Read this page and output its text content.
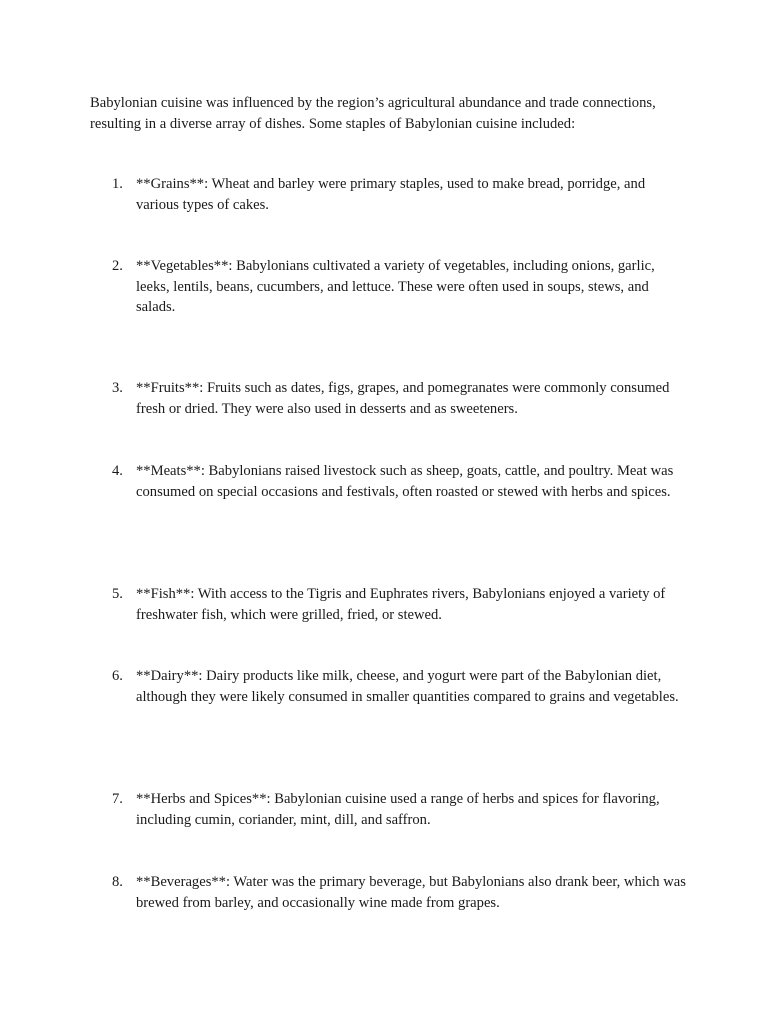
Babylonian cuisine was influenced by the region’s agricultural abundance and trade connections, resulting in a diverse array of dishes. Some staples of Babylonian cuisine included:

1. **Grains**: Wheat and barley were primary staples, used to make bread, porridge, and various types of cakes.
2. **Vegetables**: Babylonians cultivated a variety of vegetables, including onions, garlic, leeks, lentils, beans, cucumbers, and lettuce. These were often used in soups, stews, and salads.
3. **Fruits**: Fruits such as dates, figs, grapes, and pomegranates were commonly consumed fresh or dried. They were also used in desserts and as sweeteners.
4. **Meats**: Babylonians raised livestock such as sheep, goats, cattle, and poultry. Meat was consumed on special occasions and festivals, often roasted or stewed with herbs and spices.
5. **Fish**: With access to the Tigris and Euphrates rivers, Babylonians enjoyed a variety of freshwater fish, which were grilled, fried, or stewed.
6. **Dairy**: Dairy products like milk, cheese, and yogurt were part of the Babylonian diet, although they were likely consumed in smaller quantities compared to grains and vegetables.
7. **Herbs and Spices**: Babylonian cuisine used a range of herbs and spices for flavoring, including cumin, coriander, mint, dill, and saffron.
8. **Beverages**: Water was the primary beverage, but Babylonians also drank beer, which was brewed from barley, and occasionally wine made from grapes.
